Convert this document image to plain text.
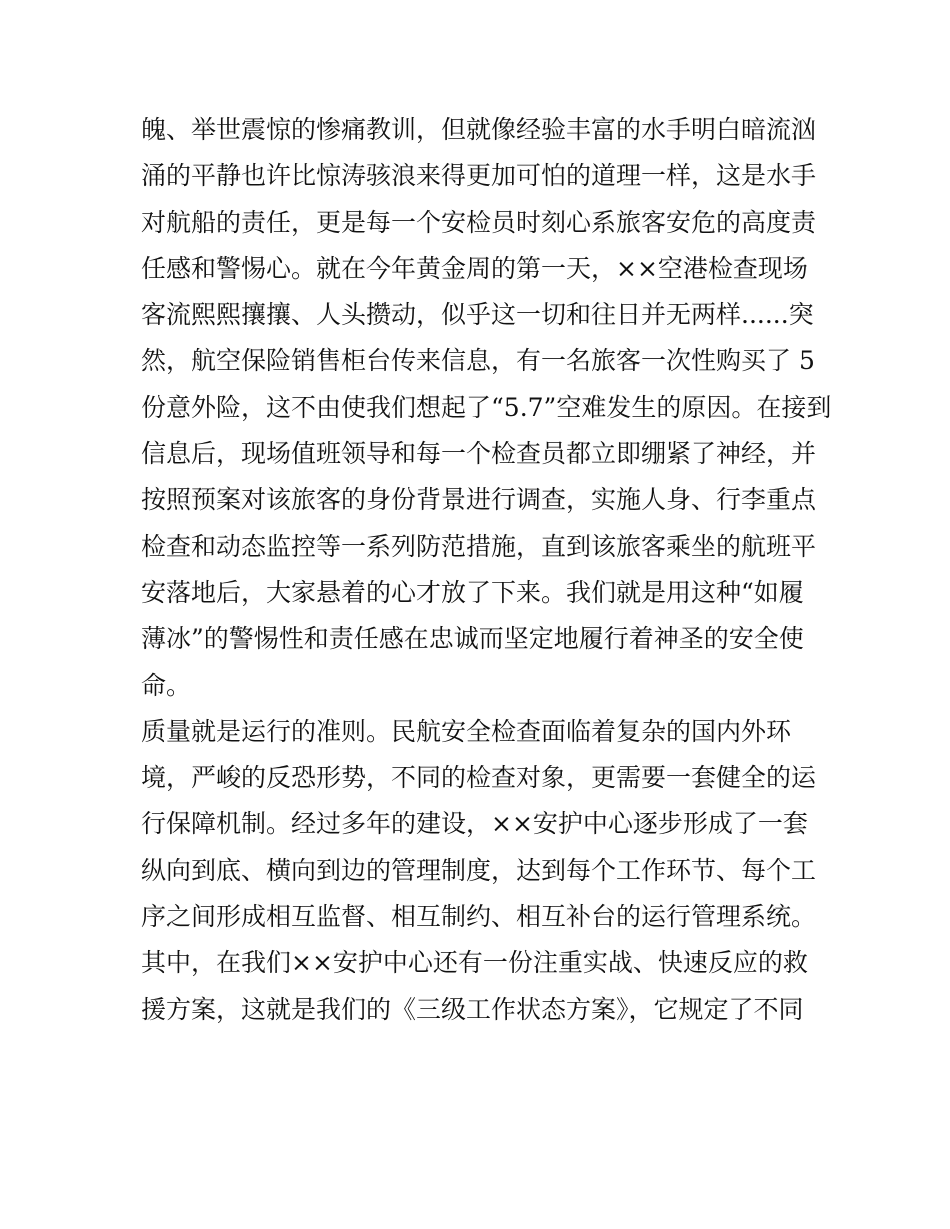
魄、举世震惊的惨痛教训，但就像经验丰富的水手明白暗流汹
涌的平静也许比惊涛骇浪来得更加可怕的道理一样，这是水手
对航船的责任，更是每一个安检员时刻心系旅客安危的高度责
任感和警惕心。就在今年黄金周的第一天，××空港检查现场
客流熙熙攘攘、人头攒动，似乎这一切和往日并无两样......突
然，航空保险销售柜台传来信息，有一名旅客一次性购买了 5
份意外险，这不由使我们想起了“5.7”空难发生的原因。在接到
信息后，现场值班领导和每一个检查员都立即绷紧了神经，并
按照预案对该旅客的身份背景进行调查，实施人身、行李重点
检查和动态监控等一系列防范措施，直到该旅客乘坐的航班平
安落地后，大家悬着的心才放了下来。我们就是用这种“如履
薄冰”的警惕性和责任感在忠诚而坚定地履行着神圣的安全使
命。
质量就是运行的准则。民航安全检查面临着复杂的国内外环
境，严峻的反恐形势，不同的检查对象，更需要一套健全的运
行保障机制。经过多年的建设，××安护中心逐步形成了一套
纵向到底、横向到边的管理制度，达到每个工作环节、每个工
序之间形成相互监督、相互制约、相互补台的运行管理系统。
其中，在我们××安护中心还有一份注重实战、快速反应的救
援方案，这就是我们的《三级工作状态方案》，它规定了不同
